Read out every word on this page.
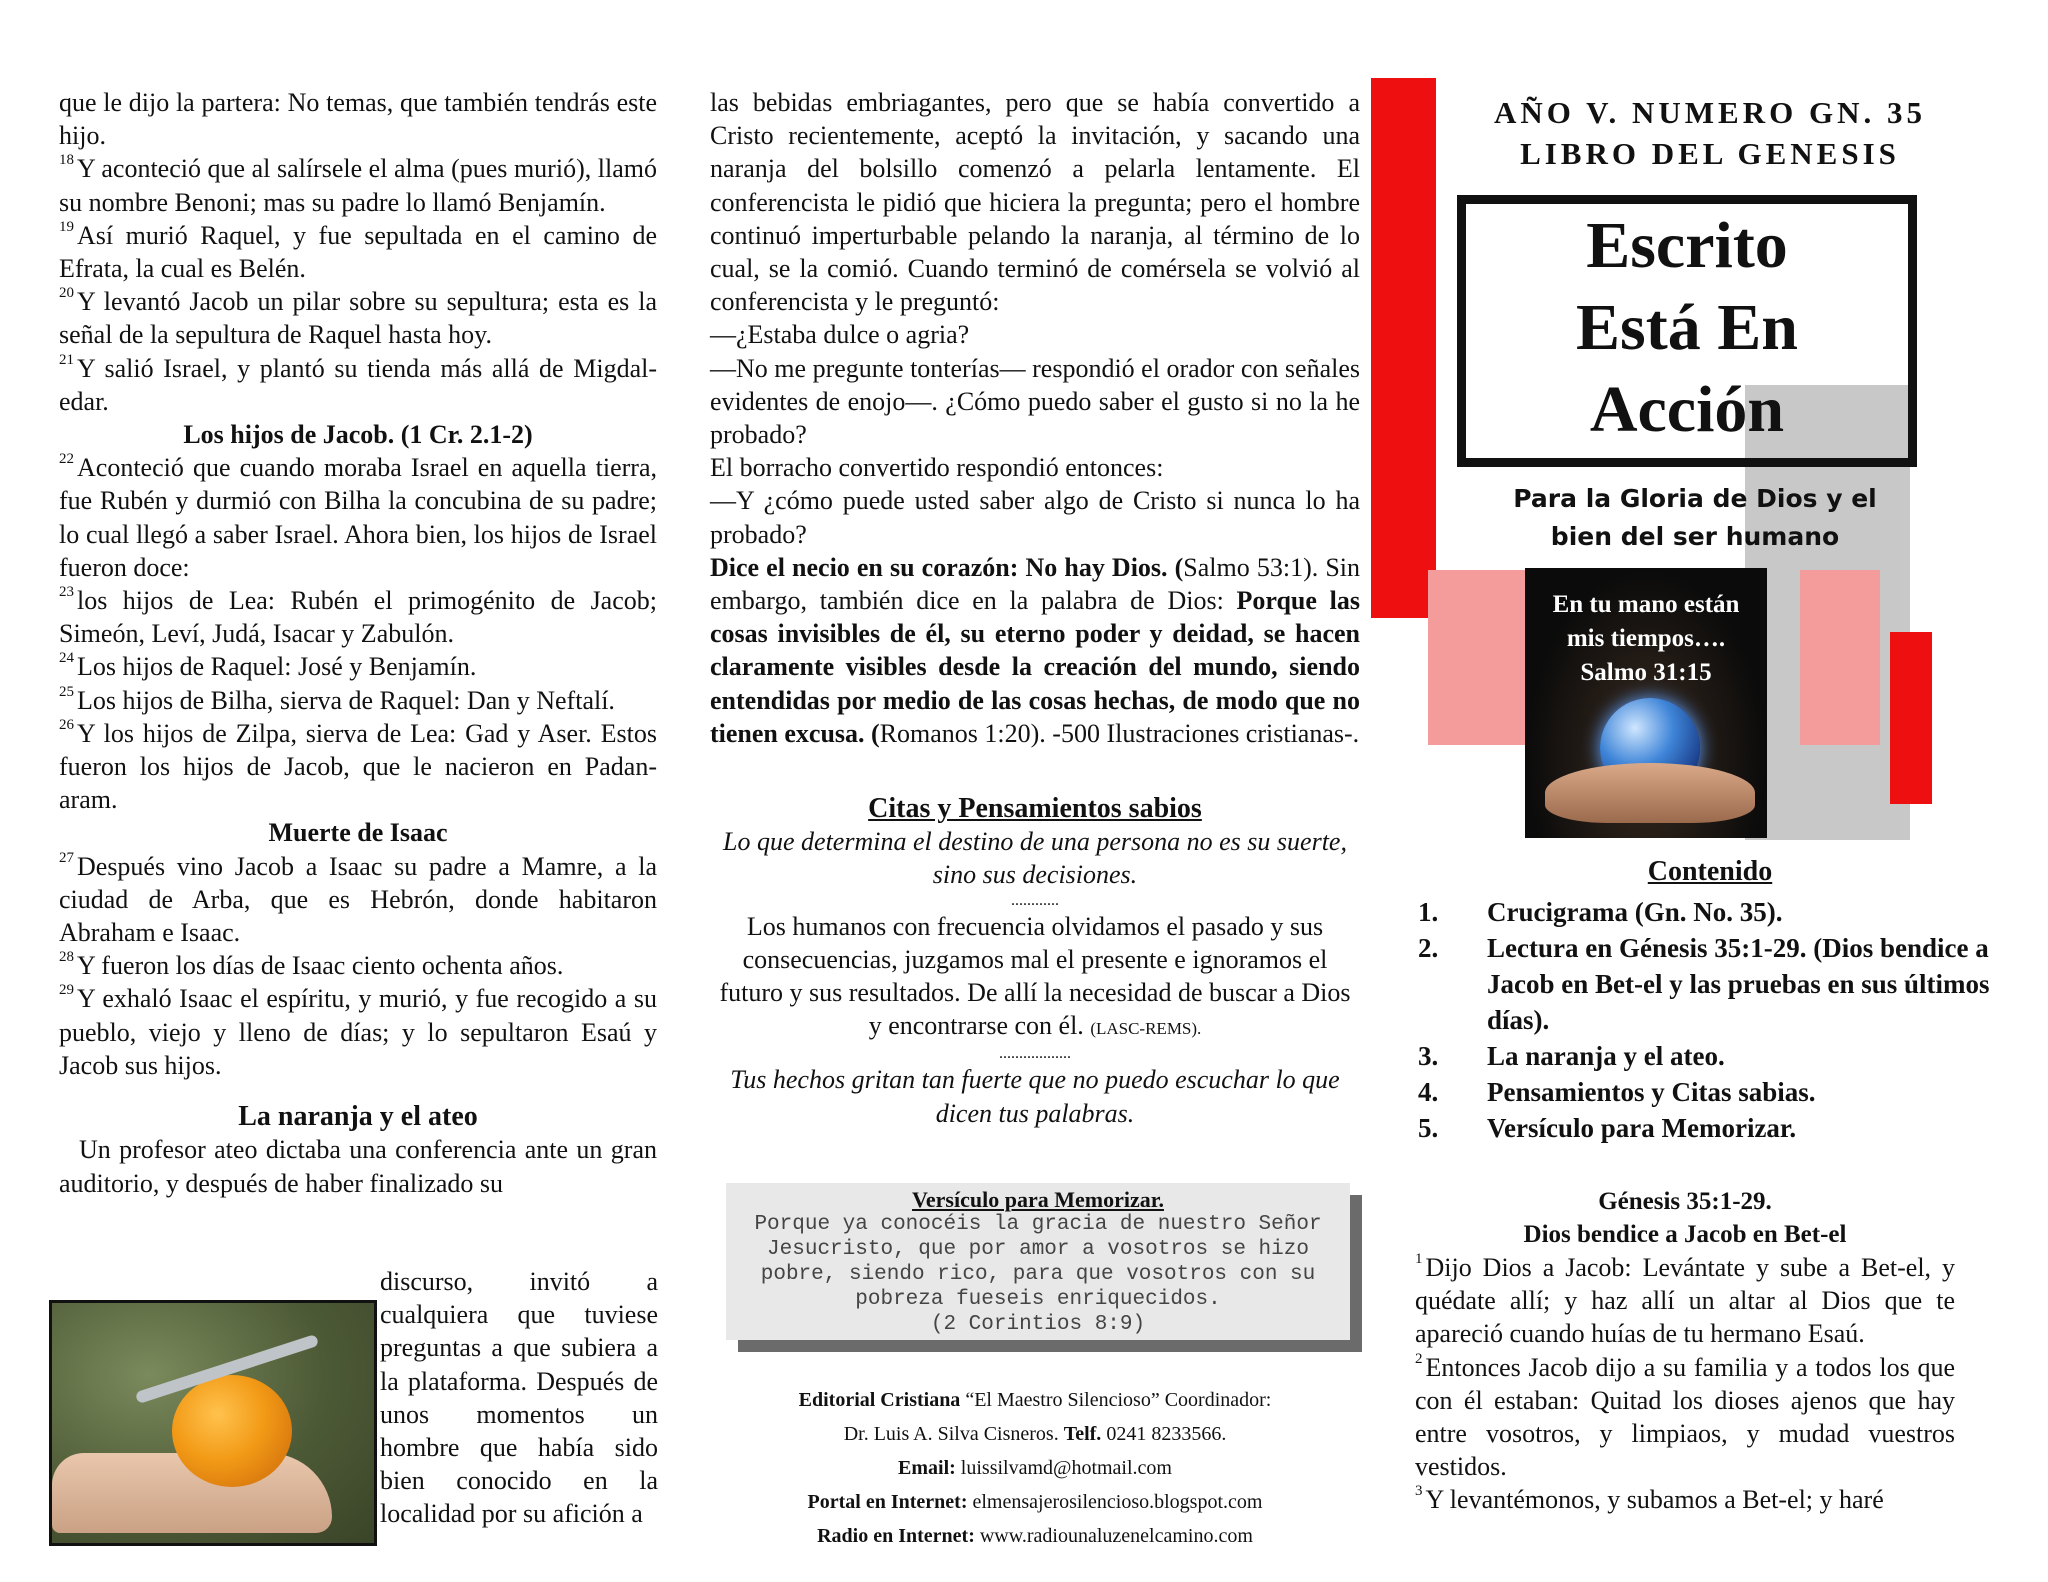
que le dijo la partera: No temas, que también tendrás este hijo.

$^{18}$ Y aconteció que al salírsele el alma (pues murió), llamó su nombre Benoni; mas su padre lo llamó Benjamín.

$^{19}$ Así murió Raquel, y fue sepultada en el camino de Efrata, la cual es Belén.

$^{20}$ Y levantó Jacob un pilar sobre su sepultura; esta es la señal de la sepultura de Raquel hasta hoy.

$^{21}$ Y salió Israel, y plantó su tienda más allá de Migdal-edar.

Los hijos de Jacob. (1 Cr. 2.1-2)

$^{22}$ Aconteció que cuando moraba Israel en aquella tierra, fue Rubén y durmió con Bilha la concubina de su padre; lo cual llegó a saber Israel. Ahora bien, los hijos de Israel fueron doce:

$^{23}$ los hijos de Lea: Rubén el primogénito de Jacob; Simeón, Leví, Judá, Isacar y Zabulón.

$^{24}$ Los hijos de Raquel: José y Benjamín.

$^{25}$ Los hijos de Bilha, sierva de Raquel: Dan y Neftalí.

$^{26}$ Y los hijos de Zilpa, sierva de Lea: Gad y Aser. Estos fueron los hijos de Jacob, que le nacieron en Padan-aram.

Muerte de Isaac

$^{27}$ Después vino Jacob a Isaac su padre a Mamre, a la ciudad de Arba, que es Hebrón, donde habitaron Abraham e Isaac.

$^{28}$ Y fueron los días de Isaac ciento ochenta años.

$^{29}$ Y exhaló Isaac el espíritu, y murió, y fue recogido a su pueblo, viejo y lleno de días; y lo sepultaron Esaú y Jacob sus hijos.

La naranja y el ateo

Un profesor ateo dictaba una conferencia ante un gran auditorio, y después de haber finalizado su

discurso, invitó a cualquiera que tuviese preguntas a que subiera a la plataforma. Después de unos momentos un hombre que había sido bien conocido en la localidad por su afición a

las bebidas embriagantes, pero que se había convertido a Cristo recientemente, aceptó la invitación, y sacando una naranja del bolsillo comenzó a pelarla lentamente. El conferencista le pidió que hiciera la pregunta; pero el hombre continuó imperturbable pelando la naranja, al término de lo cual, se la comió. Cuando terminó de comérsela se volvió al conferencista y le preguntó:

—¿Estaba dulce o agria?

—No me pregunte tonterías— respondió el orador con señales evidentes de enojo—. ¿Cómo puedo saber el gusto si no la he probado?

El borracho convertido respondió entonces:

—Y ¿cómo puede usted saber algo de Cristo si nunca lo ha probado?

Dice el necio en su corazón: No hay Dios. (Salmo 53:1). Sin embargo, también dice en la palabra de Dios: Porque las cosas invisibles de él, su eterno poder y deidad, se hacen claramente visibles desde la creación del mundo, siendo entendidas por medio de las cosas hechas, de modo que no tienen excusa. (Romanos 1:20). -500 Ilustraciones cristianas-.

Citas y Pensamientos sabios

Lo que determina el destino de una persona no es su suerte, sino sus decisiones.

............

Los humanos con frecuencia olvidamos el pasado y sus consecuencias, juzgamos mal el presente e ignoramos el futuro y sus resultados. De allí la necesidad de buscar a Dios y encontrarse con él. (LASC-REMS).

..................

Tus hechos gritan tan fuerte que no puedo escuchar lo que dicen tus palabras.

Versículo para Memorizar.
Porque ya conocéis la gracia de nuestro Señor Jesucristo, que por amor a vosotros se hizo pobre, siendo rico, para que vosotros con su pobreza fueseis enriquecidos.
(2 Corintios 8:9)
Editorial Cristiana “El Maestro Silencioso” Coordinador:
Dr. Luis A. Silva Cisneros. Telf. 0241 8233566.
Email: luissilvamd@hotmail.com
Portal en Internet: elmensajerosilencioso.blogspot.com
Radio en Internet: www.radiounaluzenelcamino.com
AÑO V. NUMERO GN. 35
LIBRO DEL GENESIS
Escrito
Está En
Acción
Para la Gloria de Dios y el
bien del ser humano
En tu mano están
mis tiempos….
Salmo 31:15
Contenido
1. Crucigrama (Gn. No. 35).
2. Lectura en Génesis 35:1-29. (Dios bendice a Jacob en Bet-el y las pruebas en sus últimos días).
3. La naranja y el ateo.
4. Pensamientos y Citas sabias.
5. Versículo para Memorizar.

Génesis 35:1-29.

Dios bendice a Jacob en Bet-el

$^1$ Dijo Dios a Jacob: Levántate y sube a Bet-el, y quédate allí; y haz allí un altar al Dios que te apareció cuando huías de tu hermano Esaú.

$^2$ Entonces Jacob dijo a su familia y a todos los que con él estaban: Quitad los dioses ajenos que hay entre vosotros, y limpiaos, y mudad vuestros vestidos.

$^3$ Y levantémonos, y subamos a Bet-el; y haré
